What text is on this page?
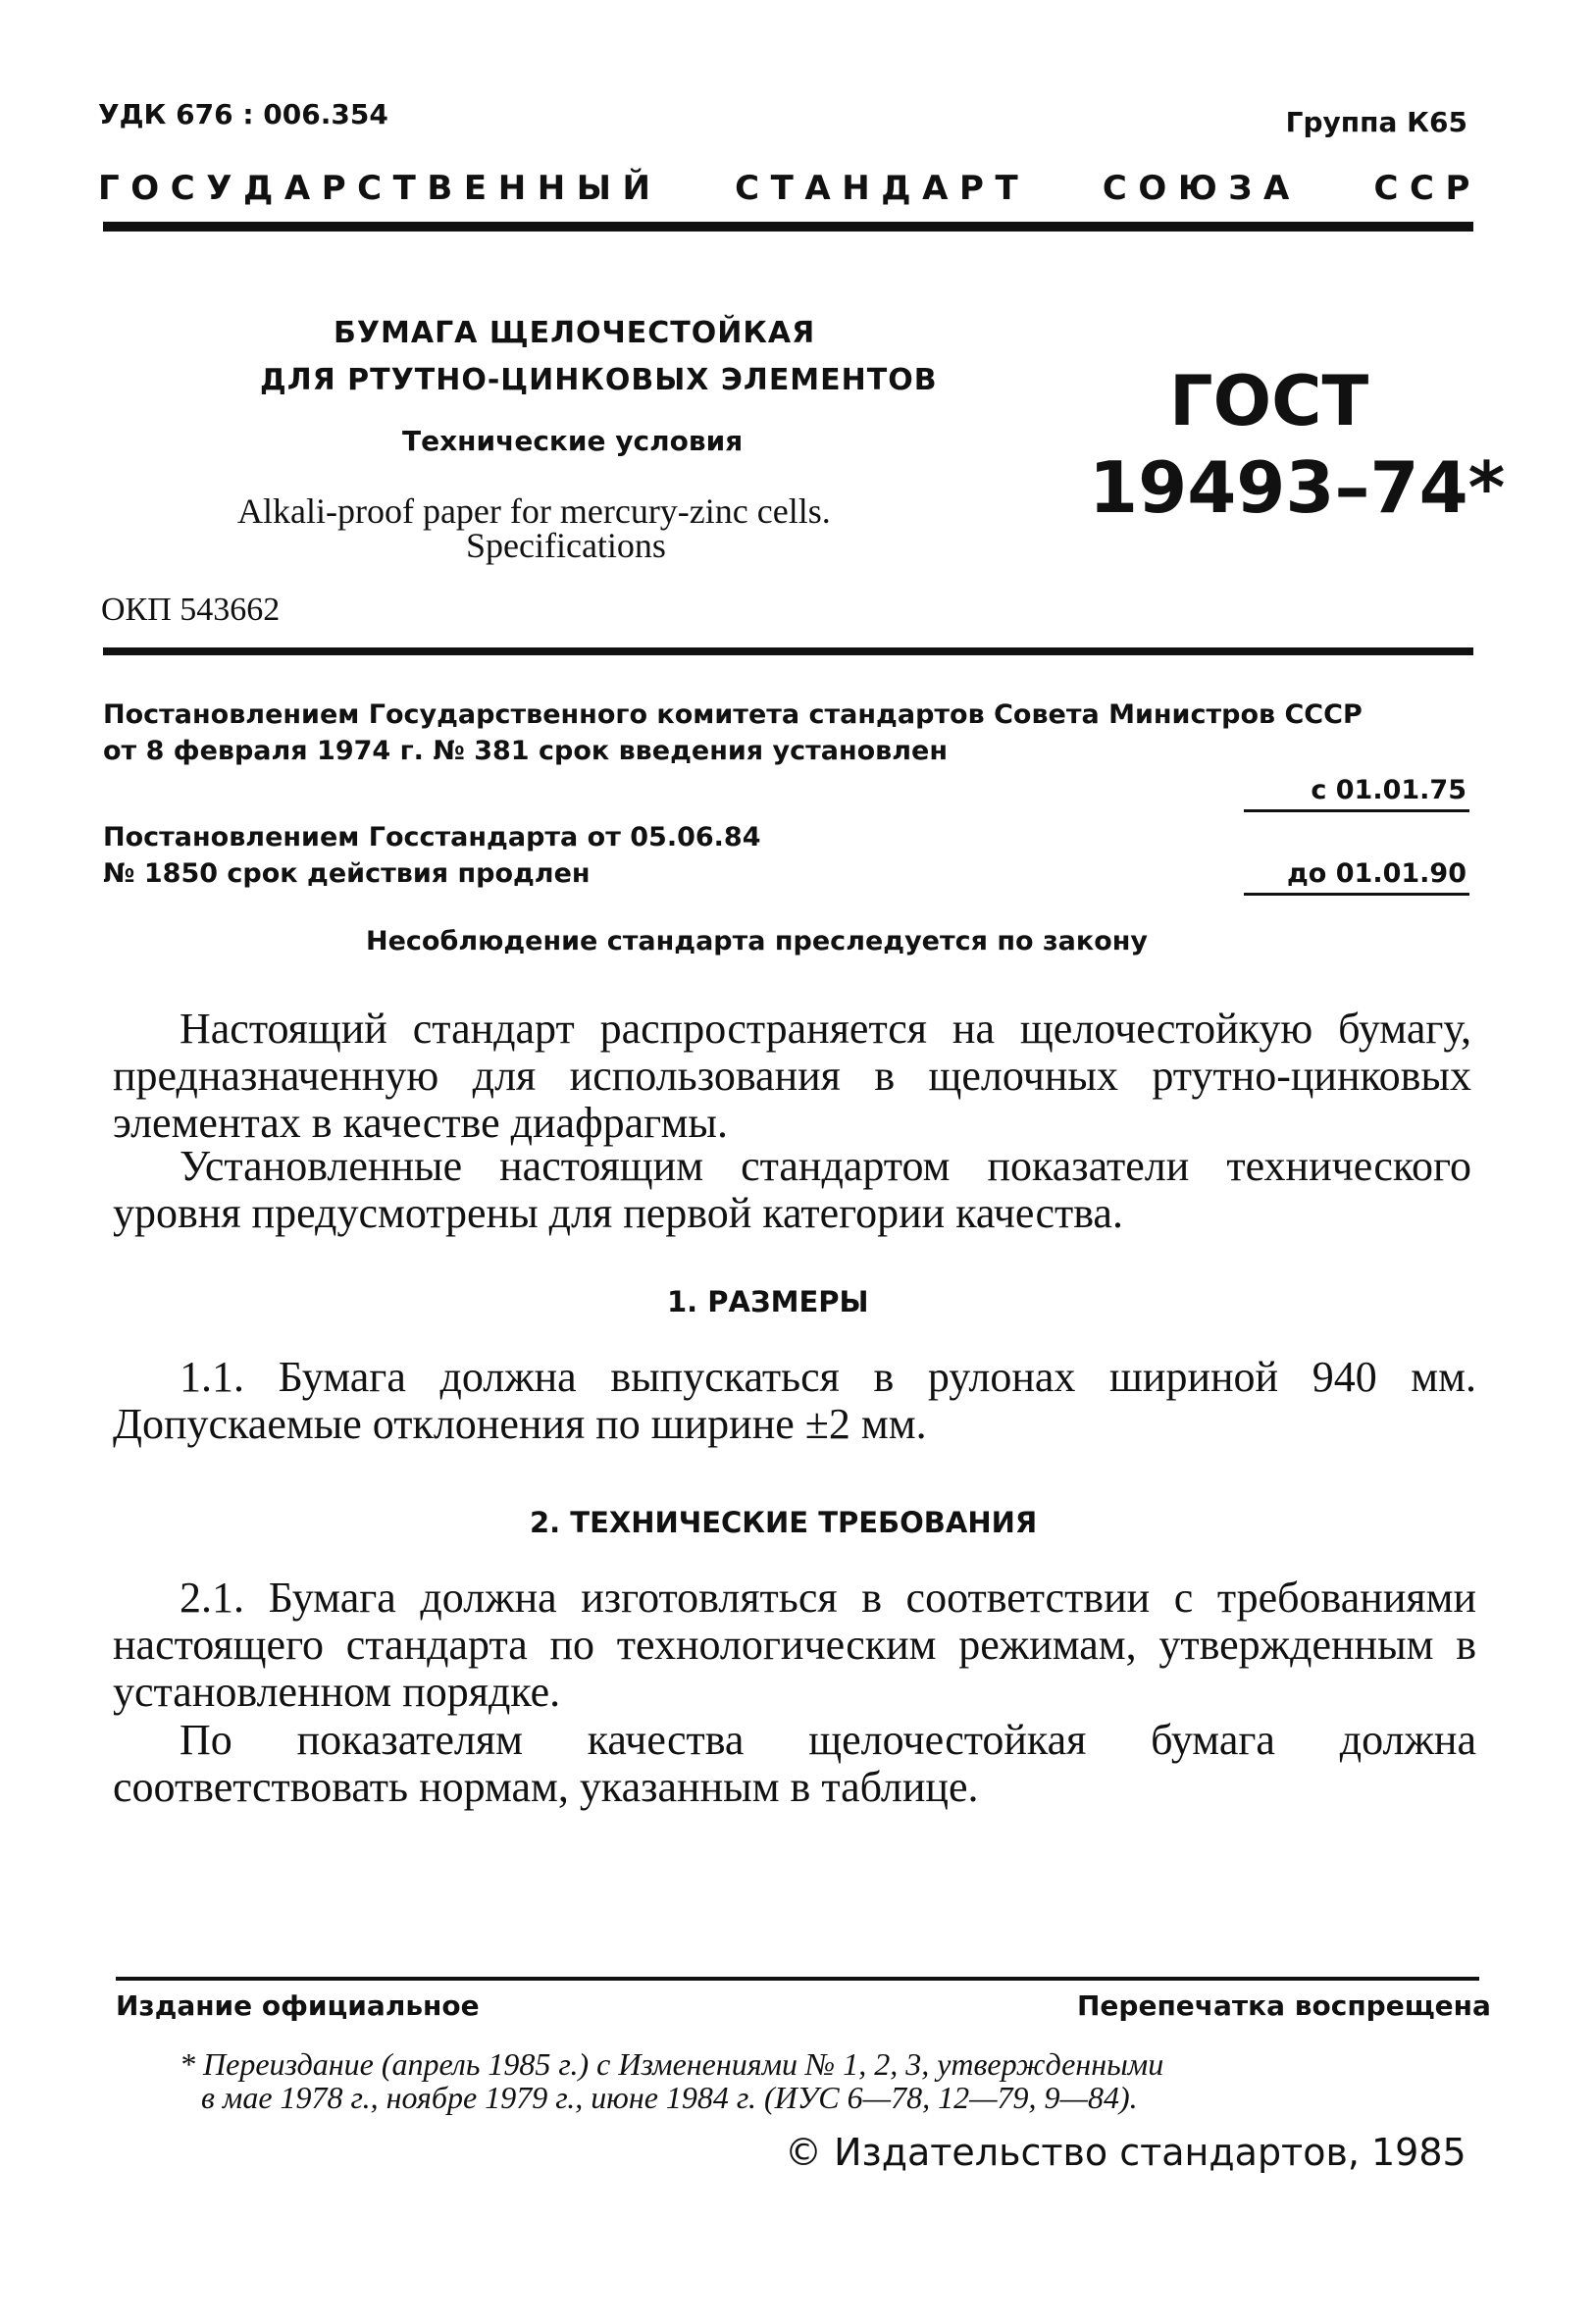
УДК 676 : 006.354	Группа К65
ГОСУДАРСТВЕННЫЙ СТАНДАРТ СОЮЗА ССР
БУМАГА ЩЕЛОЧЕСТОЙКАЯ
ДЛЯ РТУТНО-ЦИНКОВЫХ ЭЛЕМЕНТОВ
Технические условия
Alkali-proof paper for mercury-zinc cells.
Specifications
ОКП 543662
ГОСТ
19493–74*
Постановлением Государственного комитета стандартов Совета Министров СССР
от 8 февраля 1974 г. № 381 срок введения установлен
с 01.01.75
Постановлением Госстандарта от 05.06.84
№ 1850 срок действия продлен	до 01.01.90
Несоблюдение стандарта преследуется по закону
Настоящий стандарт распространяется на щелочестойкую бумагу, предназначенную для использования в щелочных ртутно-цинковых элементах в качестве диафрагмы.
Установленные настоящим стандартом показатели технического уровня предусмотрены для первой категории качества.
1. РАЗМЕРЫ
1.1. Бумага должна выпускаться в рулонах шириной 940 мм. Допускаемые отклонения по ширине ±2 мм.
2. ТЕХНИЧЕСКИЕ ТРЕБОВАНИЯ
2.1. Бумага должна изготовляться в соответствии с требованиями настоящего стандарта по технологическим режимам, утвержденным в установленном порядке.
По показателям качества щелочестойкая бумага должна соответствовать нормам, указанным в таблице.
Издание официальное	Перепечатка воспрещена
* Переиздание (апрель 1985 г.) с Изменениями № 1, 2, 3, утвержденными
в мае 1978 г., ноябре 1979 г., июне 1984 г. (ИУС 6—78, 12—79, 9—84).
© Издательство стандартов, 1985
